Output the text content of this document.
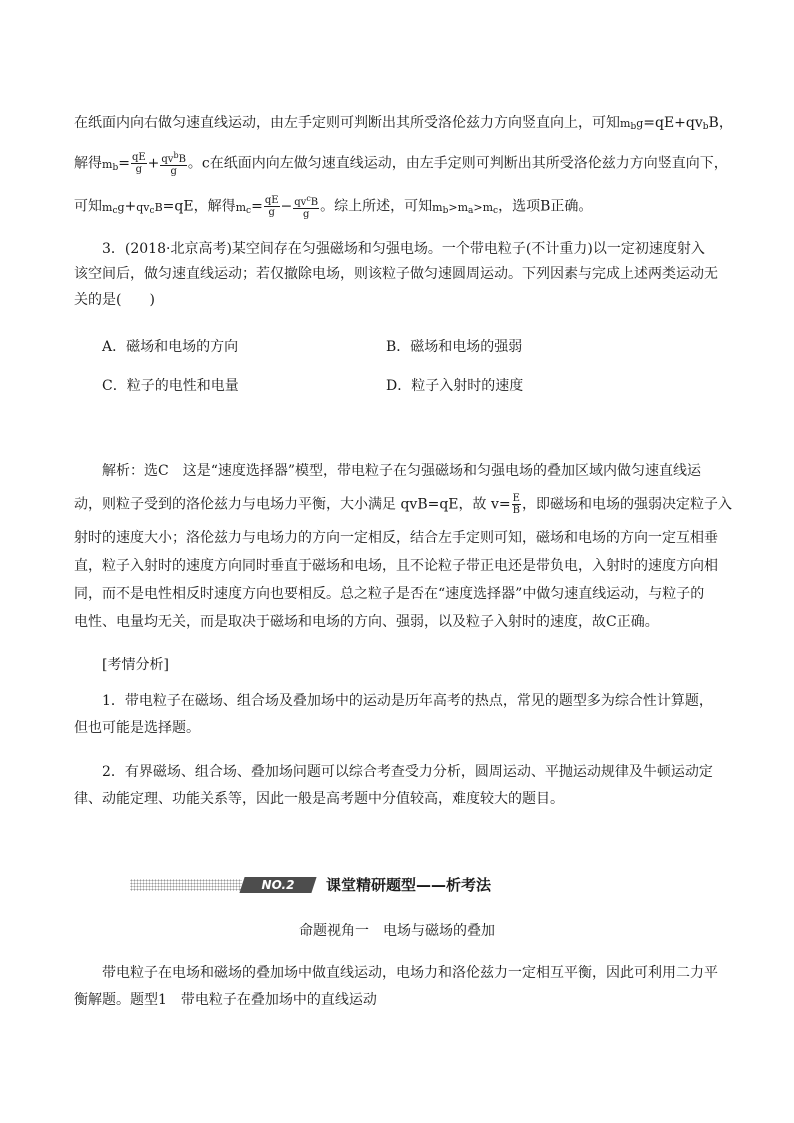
在纸面内向右做匀速直线运动，由左手定则可判断出其所受洛伦兹力方向竖直向上，可知$m_bg=qE+qv_bB$，
解得$m_b= \frac{qE}{g} + \frac{qv^bB}{g}$ 。c在纸面内向左做匀速直线运动，由左手定则可判断出其所受洛伦兹力方向竖直向下，
可知$m_cg+qv_cB=qE$，解得$m_c= \frac{qE}{g} - \frac{qv^cB}{g}$ 。综上所述，可知$m_b>m_a>m_c$，选项B正确。
3．(2018·北京高考)某空间存在匀强磁场和匀强电场。一个带电粒子(不计重力)以一定初速度射入
该空间后，做匀速直线运动；若仅撤除电场，则该粒子做匀速圆周运动。下列因素与完成上述两类运动无
关的是(　　)
A．磁场和电场的方向	B．磁场和电场的强弱
C．粒子的电性和电量	D．粒子入射时的速度
解析：选C　这是“速度选择器”模型，带电粒子在匀强磁场和匀强电场的叠加区域内做匀速直线运
动，则粒子受到的洛伦兹力与电场力平衡，大小满足 qvB=qE，故 $v= \frac{E}{B}$ ，即磁场和电场的强弱决定粒子入
射时的速度大小；洛伦兹力与电场力的方向一定相反，结合左手定则可知，磁场和电场的方向一定互相垂
直，粒子入射时的速度方向同时垂直于磁场和电场，且不论粒子带正电还是带负电，入射时的速度方向相
同，而不是电性相反时速度方向也要相反。总之粒子是否在“速度选择器”中做匀速直线运动，与粒子的
电性、电量均无关，而是取决于磁场和电场的方向、强弱，以及粒子入射时的速度，故C正确。
[考情分析]
1．带电粒子在磁场、组合场及叠加场中的运动是历年高考的热点，常见的题型多为综合性计算题，
但也可能是选择题。
2．有界磁场、组合场、叠加场问题可以综合考查受力分析，圆周运动、平抛运动规律及牛顿运动定
律、动能定理、功能关系等，因此一般是高考题中分值较高，难度较大的题目。
NO.2	课堂精研题型——析考法
命题视角一　电场与磁场的叠加
带电粒子在电场和磁场的叠加场中做直线运动，电场力和洛伦兹力一定相互平衡，因此可利用二力平
衡解题。题型1　带电粒子在叠加场中的直线运动
